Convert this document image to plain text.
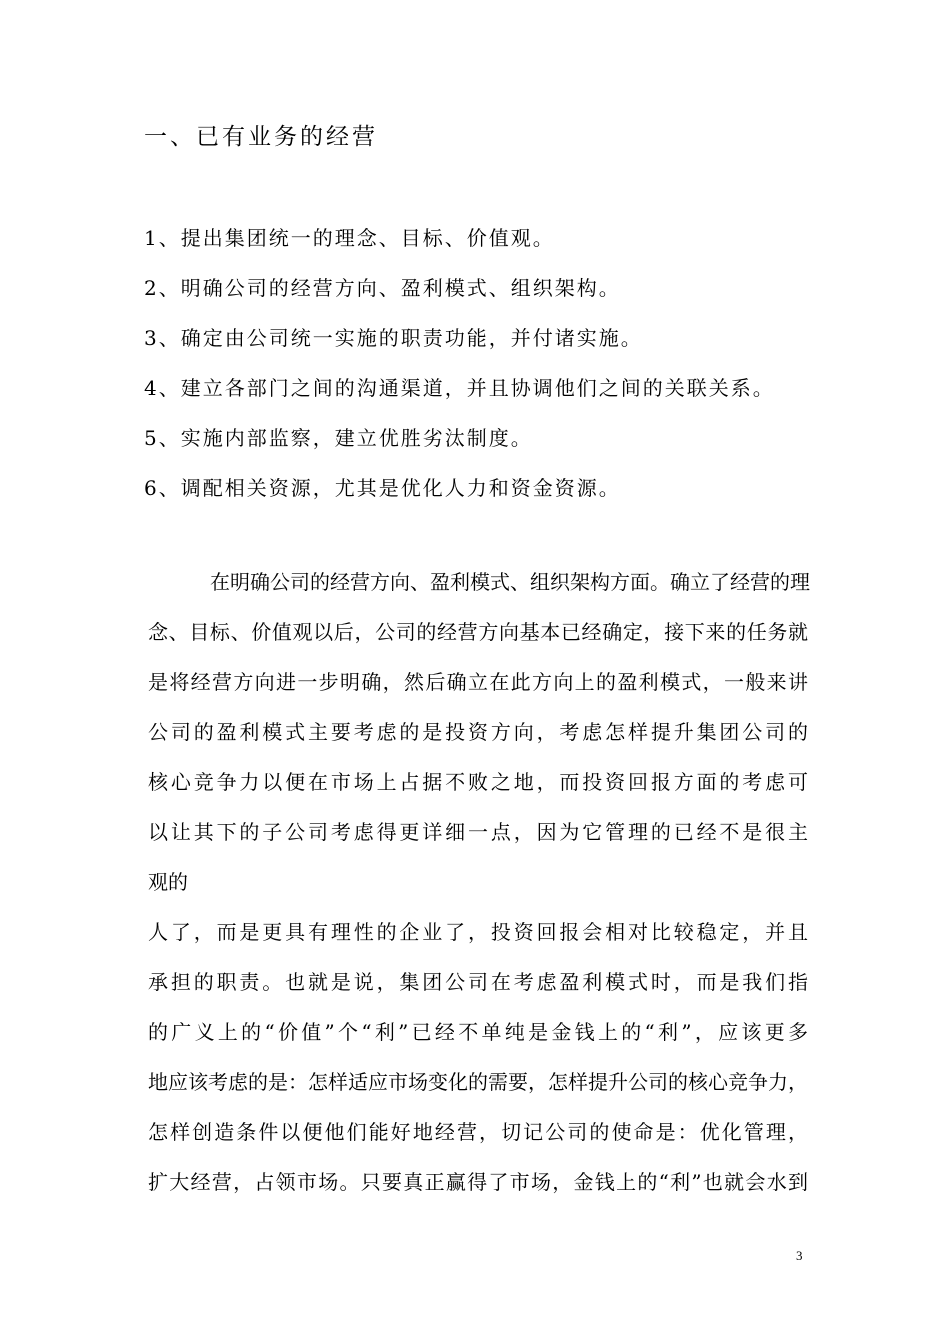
一、已有业务的经营
1、提出集团统一的理念、目标、价值观。
2、明确公司的经营方向、盈利模式、组织架构。
3、确定由公司统一实施的职责功能，并付诸实施。
4、建立各部门之间的沟通渠道，并且协调他们之间的关联关系。
5、实施内部监察，建立优胜劣汰制度。
6、调配相关资源，尤其是优化人力和资金资源。
在明确公司的经营方向、盈利模式、组织架构方面。确立了经营的理
念、目标、价值观以后，公司的经营方向基本已经确定，接下来的任务就
是将经营方向进一步明确，然后确立在此方向上的盈利模式，一般来讲
公司的盈利模式主要考虑的是投资方向，考虑怎样提升集团公司的
核心竞争力以便在市场上占据不败之地，而投资回报方面的考虑可
以让其下的子公司考虑得更详细一点，因为它管理的已经不是很主
观的
人了，而是更具有理性的企业了，投资回报会相对比较稳定，并且
承担的职责。也就是说，集团公司在考虑盈利模式时，而是我们指
的广义上的“价值”个“利”已经不单纯是金钱上的“利”，应该更多
地应该考虑的是：怎样适应市场变化的需要，怎样提升公司的核心竞争力，
怎样创造条件以便他们能好地经营，切记公司的使命是：优化管理，
扩大经营，占领市场。只要真正赢得了市场，金钱上的“利”也就会水到
3
